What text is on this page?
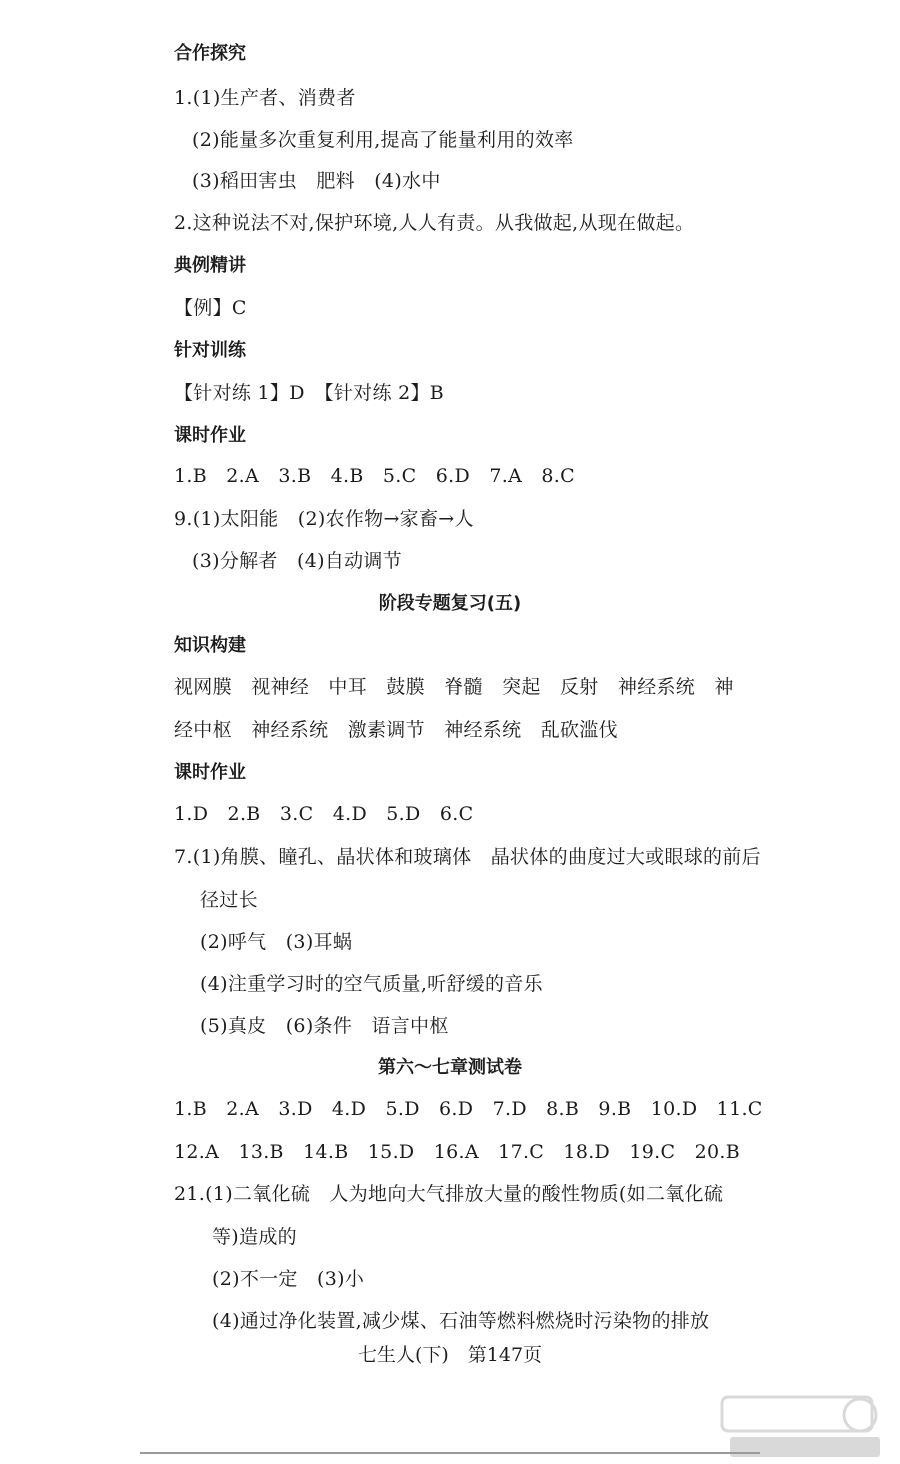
合作探究
1.(1)生产者、消费者
(2)能量多次重复利用,提高了能量利用的效率
(3)稻田害虫　肥料　(4)水中
2.这种说法不对,保护环境,人人有责。从我做起,从现在做起。
典例精讲
【例】C
针对训练
【针对练 1】D　【针对练 2】B
课时作业
1.B　2.A　3.B　4.B　5.C　6.D　7.A　8.C
9.(1)太阳能　(2)农作物→家畜→人
(3)分解者　(4)自动调节
阶段专题复习(五)
知识构建
视网膜　视神经　中耳　鼓膜　脊髓　突起　反射　神经系统　神
经中枢　神经系统　激素调节　神经系统　乱砍滥伐
课时作业
1.D　2.B　3.C　4.D　5.D　6.C
7.(1)角膜、瞳孔、晶状体和玻璃体　晶状体的曲度过大或眼球的前后
径过长
(2)呼气　(3)耳蜗
(4)注重学习时的空气质量,听舒缓的音乐
(5)真皮　(6)条件　语言中枢
第六～七章测试卷
1.B　2.A　3.D　4.D　5.D　6.D　7.D　8.B　9.B　10.D　11.C
12.A　13.B　14.B　15.D　16.A　17.C　18.D　19.C　20.B
21.(1)二氧化硫　人为地向大气排放大量的酸性物质(如二氧化硫
等)造成的
(2)不一定　(3)小
(4)通过净化装置,减少煤、石油等燃料燃烧时污染物的排放
七生人(下)　第147页
